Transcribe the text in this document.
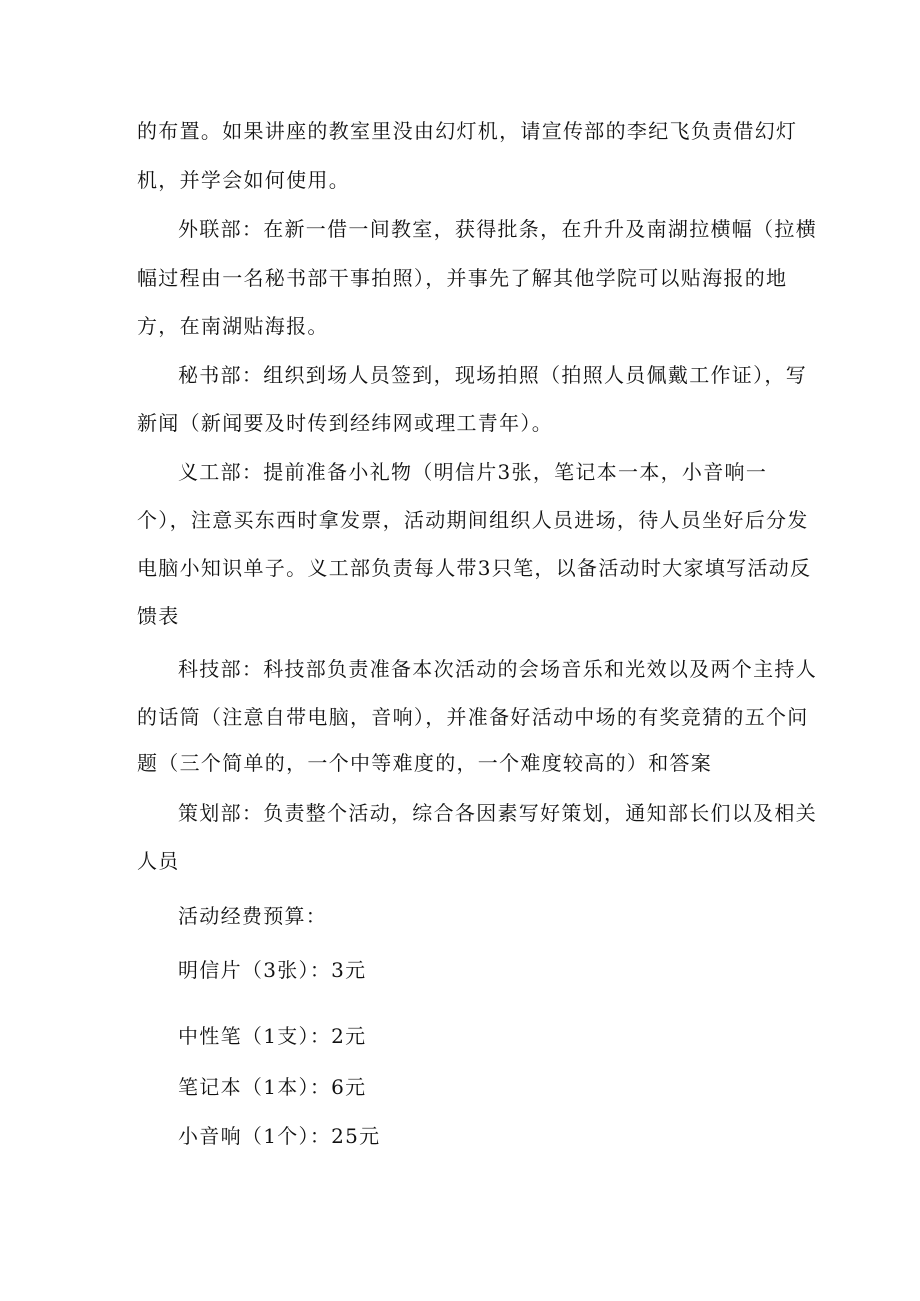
的布置。如果讲座的教室里没由幻灯机，请宣传部的李纪飞负责借幻灯
机，并学会如何使用。
外联部：在新一借一间教室，获得批条，在升升及南湖拉横幅（拉横
幅过程由一名秘书部干事拍照），并事先了解其他学院可以贴海报的地
方，在南湖贴海报。
秘书部：组织到场人员签到，现场拍照（拍照人员佩戴工作证），写
新闻（新闻要及时传到经纬网或理工青年）。
义工部：提前准备小礼物（明信片3张，笔记本一本，小音响一
个），注意买东西时拿发票，活动期间组织人员进场，待人员坐好后分发
电脑小知识单子。义工部负责每人带3只笔，以备活动时大家填写活动反
馈表
科技部：科技部负责准备本次活动的会场音乐和光效以及两个主持人
的话筒（注意自带电脑，音响），并准备好活动中场的有奖竞猜的五个问
题（三个简单的，一个中等难度的，一个难度较高的）和答案
策划部：负责整个活动，综合各因素写好策划，通知部长们以及相关
人员
活动经费预算：
明信片（3张）：3元
中性笔（1支）：2元
笔记本（1本）：6元
小音响（1个）：25元
